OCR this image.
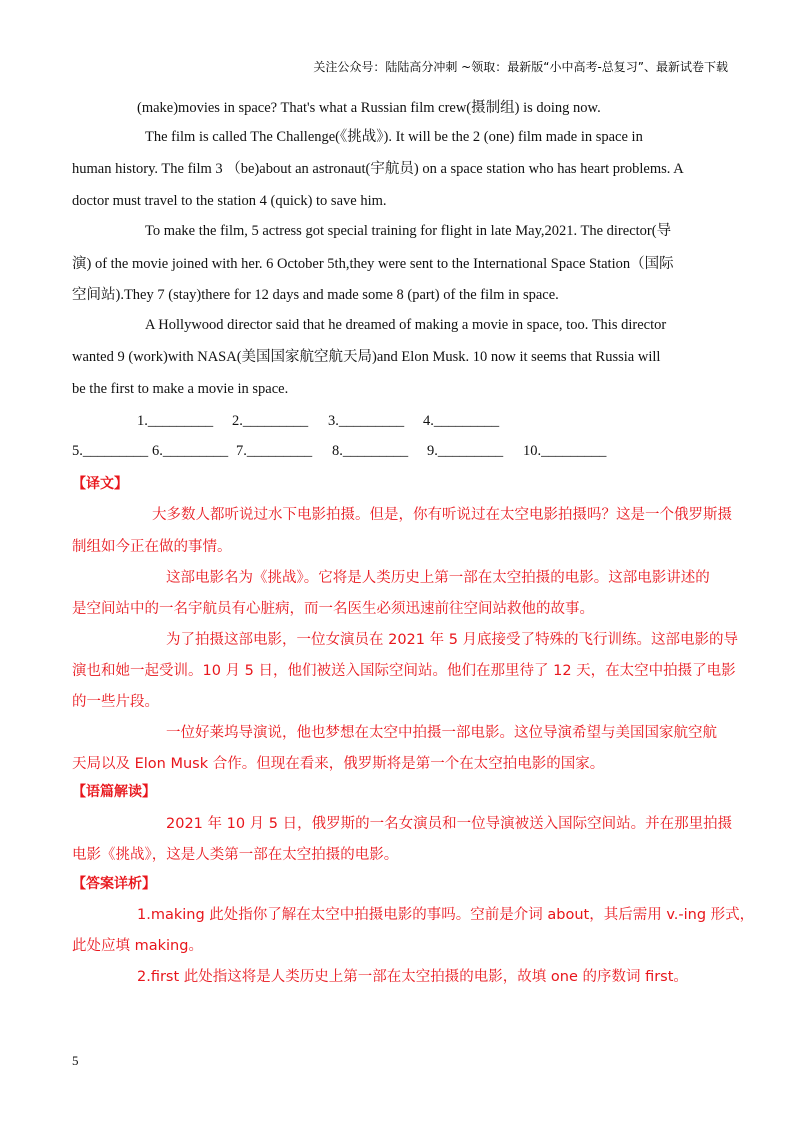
关注公众号：陆陆高分冲刺 ~领取：最新版“小中高考-总复习”、最新试卷下载
(make)movies in space? That's what a Russian film crew(摄制组) is doing now.
The film is called The Challenge(《挑战》). It will be the 2 (one) film made in space in
human history. The film 3 （be)about an astronaut(宇航员) on a space station who has heart problems. A
doctor must travel to the station 4 (quick) to save him.
To make the film, 5 actress got special training for flight in late May,2021. The director(导
演) of the movie joined with her. 6 October 5th,they were sent to the International Space Station（国际
空间站).They 7 (stay)there for 12 days and made some 8 (part) of the film in space.
A Hollywood director said that he dreamed of making a movie in space, too. This director
wanted 9 (work)with NASA(美国国家航空航天局)and Elon Musk. 10 now it seems that Russia will
be the first to make a movie in space.
1._________ 2._________ 3._________ 4._________
5._________ 6._________ 7._________ 8._________ 9._________ 10._________
【译文】
大多数人都听说过水下电影拍摄。但是，你有听说过在太空电影拍摄吗？这是一个俄罗斯摄
制组如今正在做的事情。
这部电影名为《挑战》。它将是人类历史上第一部在太空拍摄的电影。这部电影讲述的
是空间站中的一名宇航员有心脏病，而一名医生必须迅速前往空间站救他的故事。
为了拍摄这部电影，一位女演员在 2021 年 5 月底接受了特殊的飞行训练。这部电影的导
演也和她一起受训。10 月 5 日，他们被送入国际空间站。他们在那里待了 12 天，在太空中拍摄了电影
的一些片段。
一位好莱坞导演说，他也梦想在太空中拍摄一部电影。这位导演希望与美国国家航空航
天局以及 Elon Musk 合作。但现在看来，俄罗斯将是第一个在太空拍电影的国家。
【语篇解读】
2021 年 10 月 5 日，俄罗斯的一名女演员和一位导演被送入国际空间站。并在那里拍摄
电影《挑战》，这是人类第一部在太空拍摄的电影。
【答案详析】
1.making 此处指你了解在太空中拍摄电影的事吗。空前是介词 about，其后需用 v.-ing 形式，
此处应填 making。
2.first 此处指这将是人类历史上第一部在太空拍摄的电影，故填 one 的序数词 first。
5
